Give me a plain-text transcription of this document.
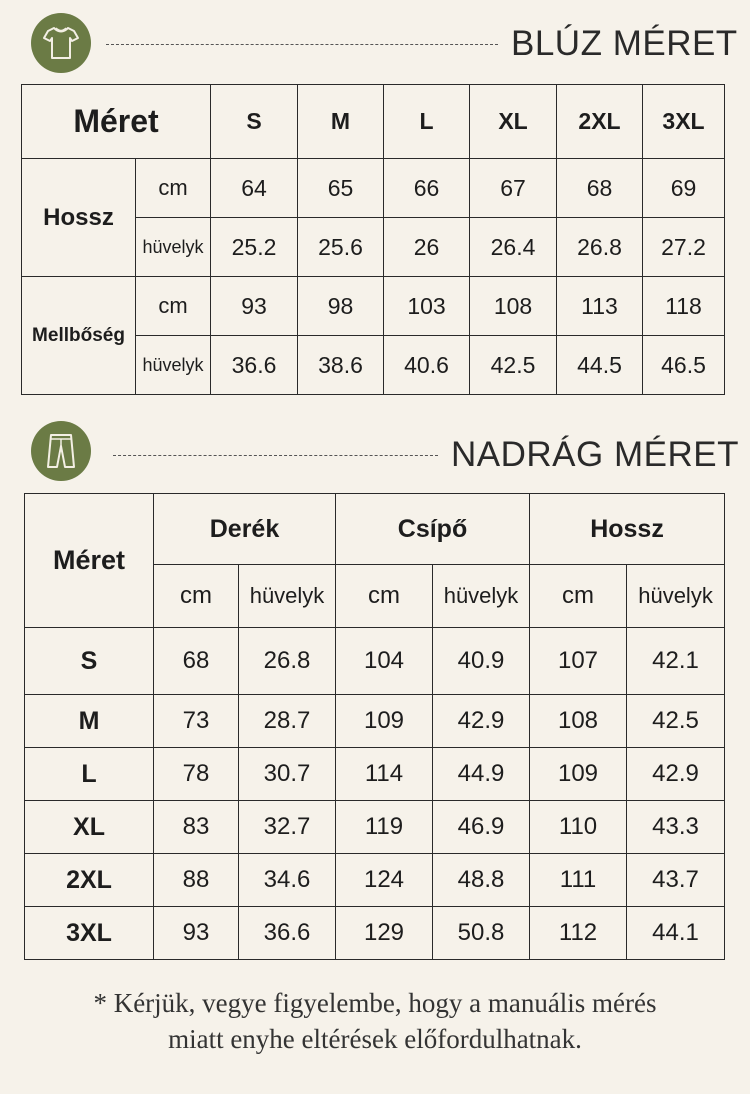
BLÚZ MÉRET
Méret		S	M	L	XL	2XL	3XL
Hossz	cm	64	65	66	67	68	69
	hüvelyk	25.2	25.6	26	26.4	26.8	27.2
Mellbőség	cm	93	98	103	108	113	118
	hüvelyk	36.6	38.6	40.6	42.5	44.5	46.5
NADRÁG MÉRET
Méret	Derék		Csípő		Hossz	
	cm	hüvelyk	cm	hüvelyk	cm	hüvelyk
S	68	26.8	104	40.9	107	42.1
M	73	28.7	109	42.9	108	42.5
L	78	30.7	114	44.9	109	42.9
XL	83	32.7	119	46.9	110	43.3
2XL	88	34.6	124	48.8	111	43.7
3XL	93	36.6	129	50.8	112	44.1
* Kérjük, vegye figyelembe, hogy a manuális mérés
miatt enyhe eltérések előfordulhatnak.
